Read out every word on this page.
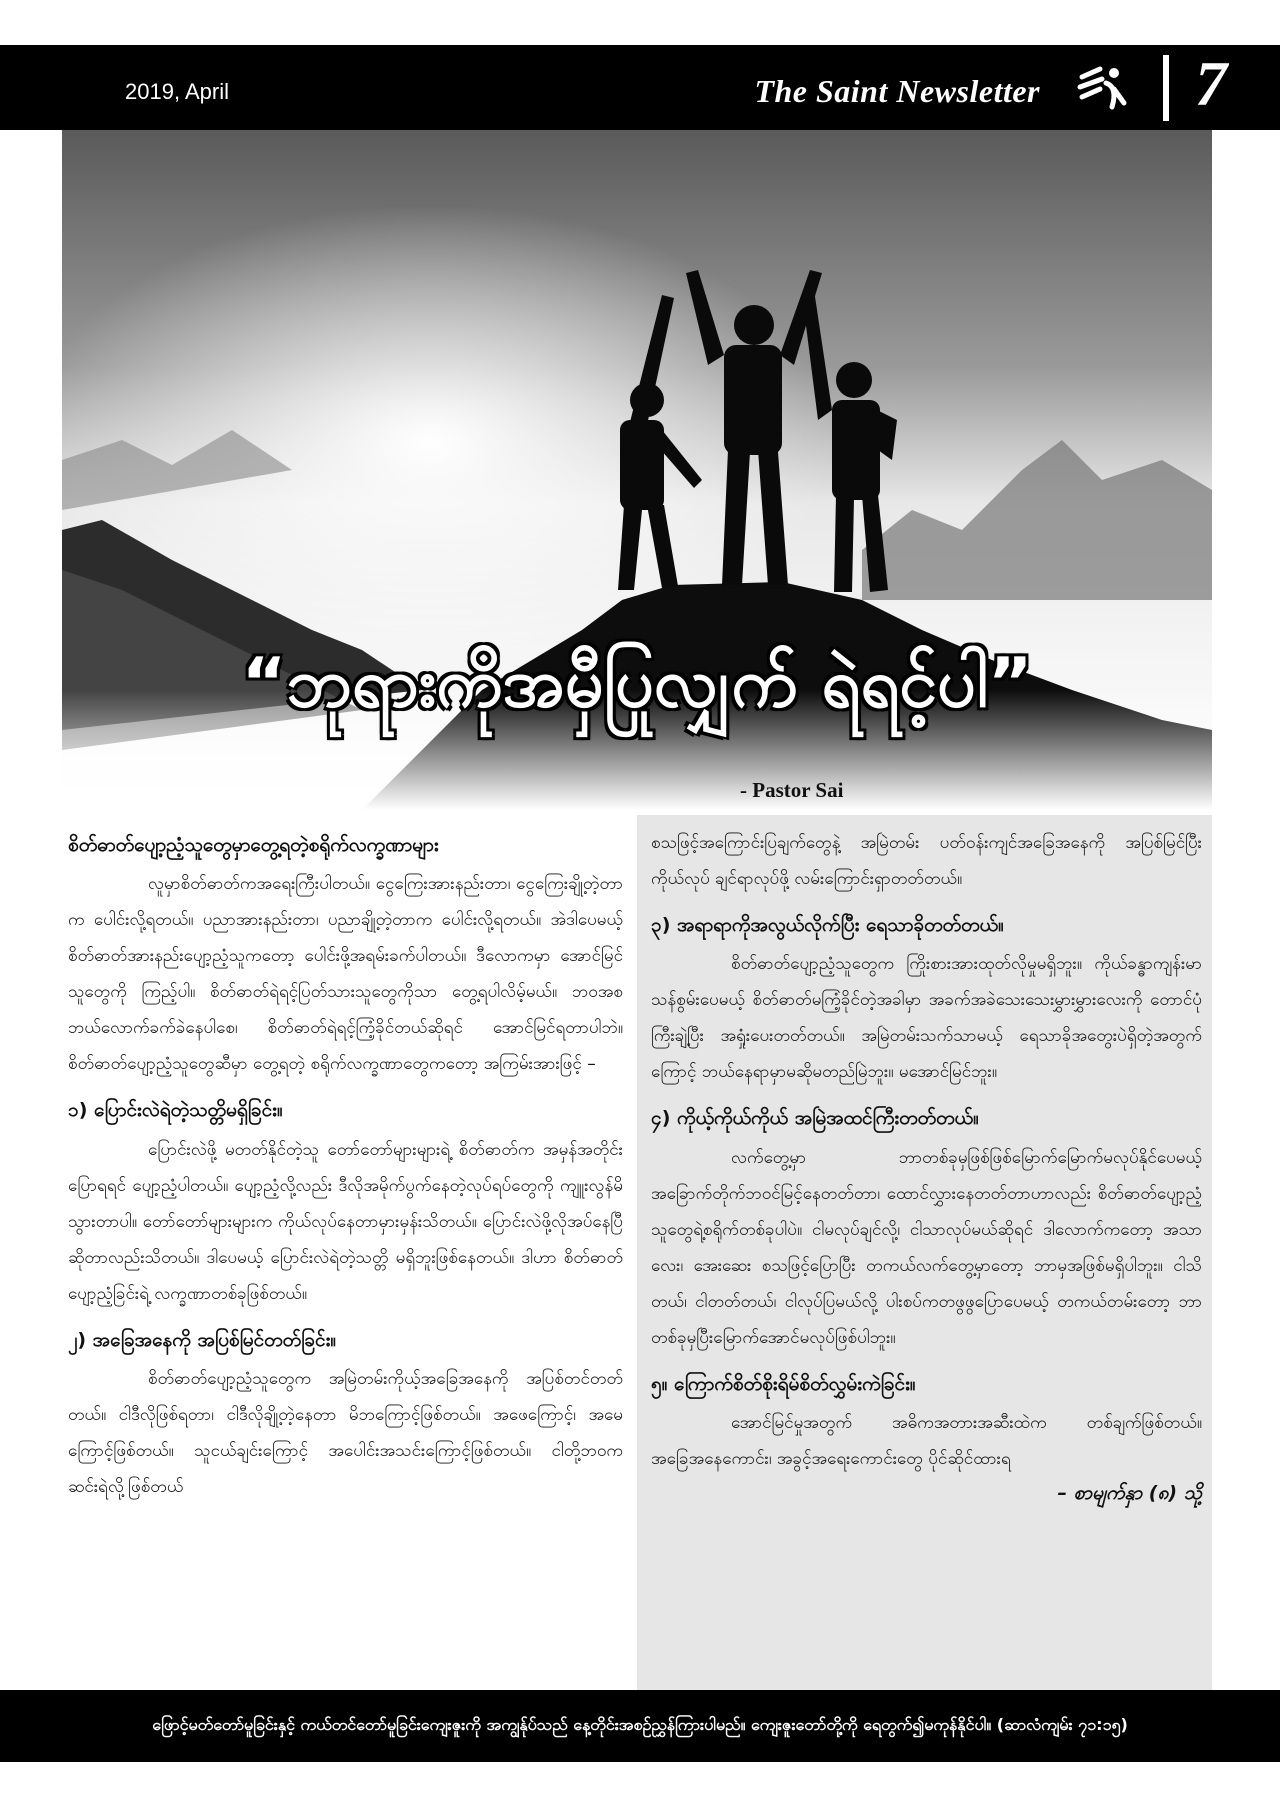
2019, April	The Saint Newsletter 7
“ဘုရားကိုအမှီပြုလျှက် ရဲရင့်ပါ”
- Pastor Sai
စိတ်ဓာတ်ပျော့ညံ့သူတွေမှာတွေ့ရတဲ့စရိုက်လက္ခဏာများ

လူမှာစိတ်ဓာတ်ကအရေးကြီးပါတယ်။ ငွေကြေးအားနည်းတာ၊ ငွေကြေးချို့တဲ့တာက ပေါင်းလို့ရတယ်။ ပညာအားနည်းတာ၊ ပညာချို့တဲ့တာက ပေါင်းလို့ရတယ်။ အဲဒါပေမယ့် စိတ်ဓာတ်အားနည်းပျော့ညံ့သူကတော့ ပေါင်းဖို့အရမ်းခက်ပါတယ်။ ဒီလောကမှာ အောင်မြင်သူတွေကို ကြည့်ပါ။ စိတ်ဓာတ်ရဲရင့်ပြတ်သားသူတွေကိုသာ တွေ့ရပါလိမ့်မယ်။ ဘဝအစ ဘယ်လောက်ခက်ခဲနေပါစေ၊ စိတ်ဓာတ်ရဲရင့်ကြံ့ခိုင်တယ်ဆိုရင် အောင်မြင်ရတာပါဘဲ။ စိတ်ဓာတ်ပျော့ညံ့သူတွေဆီမှာ တွေ့ရတဲ့ စရိုက်လက္ခဏာတွေကတော့ အကြမ်းအားဖြင့် –

၁) ပြောင်းလဲရဲတဲ့သတ္တိမရှိခြင်း။

ပြောင်းလဲဖို့ မတတ်နိုင်တဲ့သူ တော်တော်များများရဲ့ စိတ်ဓာတ်က အမှန်အတိုင်းပြောရရင် ပျော့ညံ့ပါတယ်။ ပျော့ညံ့လို့လည်း ဒီလိုအမိုက်ပွက်နေတဲ့လုပ်ရပ်တွေကို ကျူးလွန်မိသွားတာပါ။ တော်တော်များများက ကိုယ်လုပ်နေတာမှားမှန်းသိတယ်။ ပြောင်းလဲဖို့လိုအပ်နေပြီဆိုတာလည်းသိတယ်။ ဒါပေမယ့် ပြောင်းလဲရဲတဲ့သတ္တိ မရှိဘူးဖြစ်နေတယ်။ ဒါဟာ စိတ်ဓာတ်ပျော့ညံ့ခြင်းရဲ့ လက္ခဏာတစ်ခုဖြစ်တယ်။

၂) အခြေအနေကို အပြစ်မြင်တတ်ခြင်း။

စိတ်ဓာတ်ပျော့ညံ့သူတွေက အမြဲတမ်းကိုယ့်အခြေအနေကို အပြစ်တင်တတ်တယ်။ ငါဒီလိုဖြစ်ရတာ၊ ငါဒီလိုချို့တဲ့နေတာ မိဘကြောင့်ဖြစ်တယ်။ အဖေကြောင့်၊ အမေကြောင့်ဖြစ်တယ်။ သူငယ်ချင်းကြောင့် အပေါင်းအသင်းကြောင့်ဖြစ်တယ်။ ငါတို့ဘဝက ဆင်းရဲလို့ဖြစ်တယ်

စသဖြင့်အကြောင်းပြချက်တွေနဲ့ အမြဲတမ်း ပတ်ဝန်းကျင်အခြေအနေကို အပြစ်မြင်ပြီး ကိုယ်လုပ် ချင်ရာလုပ်ဖို့ လမ်းကြောင်းရှာတတ်တယ်။

၃) အရာရာကိုအလွယ်လိုက်ပြီး ရေသာခိုတတ်တယ်။

စိတ်ဓာတ်ပျော့ညံ့သူတွေက ကြိုးစားအားထုတ်လိုမှုမရှိဘူး။ ကိုယ်ခန္ဓာကျန်းမာသန်စွမ်းပေမယ့် စိတ်ဓာတ်မကြံ့ခိုင်တဲ့အခါမှာ အခက်အခဲသေးသေးမွှားမွှားလေးကို တောင်ပုံကြီးချဲ့ပြီး အရှုံးပေးတတ်တယ်။ အမြဲတမ်းသက်သာမယ့် ရေသာခိုအတွေးပဲရှိတဲ့အတွက်ကြောင့် ဘယ်နေရာမှာမဆိုမတည်မြဲဘူး။ မအောင်မြင်ဘူး။

၄) ကိုယ့်ကိုယ်ကိုယ် အမြဲအထင်ကြီးတတ်တယ်။

လက်တွေ့မှာ ဘာတစ်ခုမှဖြစ်ဖြစ်မြောက်မြောက်မလုပ်နိုင်ပေမယ့် အခြောက်တိုက်ဘဝင်မြင့်နေတတ်တာ၊ ထောင်လွှားနေတတ်တာဟာလည်း စိတ်ဓာတ်ပျော့ညံ့သူတွေရဲ့စရိုက်တစ်ခုပါပဲ။ ငါမလုပ်ချင်လို့၊ ငါသာလုပ်မယ်ဆိုရင် ဒါလောက်ကတော့ အသာလေး၊ အေးဆေး စသဖြင့်ပြောပြီး တကယ်လက်တွေ့မှာတော့ ဘာမှအဖြစ်မရှိပါဘူး။ ငါသိတယ်၊ ငါတတ်တယ်၊ ငါလုပ်ပြမယ်လို့ ပါးစပ်ကတဖွဖွပြောပေမယ့် တကယ်တမ်းတော့ ဘာတစ်ခုမှပြီးမြောက်အောင်မလုပ်ဖြစ်ပါဘူး။

၅။ ကြောက်စိတ်စိုးရိမ်စိတ်လွှမ်းကဲခြင်း။

အောင်မြင်မှုအတွက် အဓိကအတားအဆီးထဲက တစ်ချက်ဖြစ်တယ်။ အခြေအနေကောင်း၊ အခွင့်အရေးကောင်းတွေ ပိုင်ဆိုင်ထားရ

– စာမျက်နှာ (၈) သို့
ဖြောင့်မတ်တော်မူခြင်းနှင့် ကယ်တင်တော်မူခြင်းကျေးဇူးကို အကျွန်ုပ်သည် နေ့တိုင်းအစဉ်ညွှန်ကြားပါမည်။ ကျေးဇူးတော်တို့ကို ရေတွက်၍မကုန်နိုင်ပါ။ (ဆာလံကျမ်း ၇၁:၁၅)
